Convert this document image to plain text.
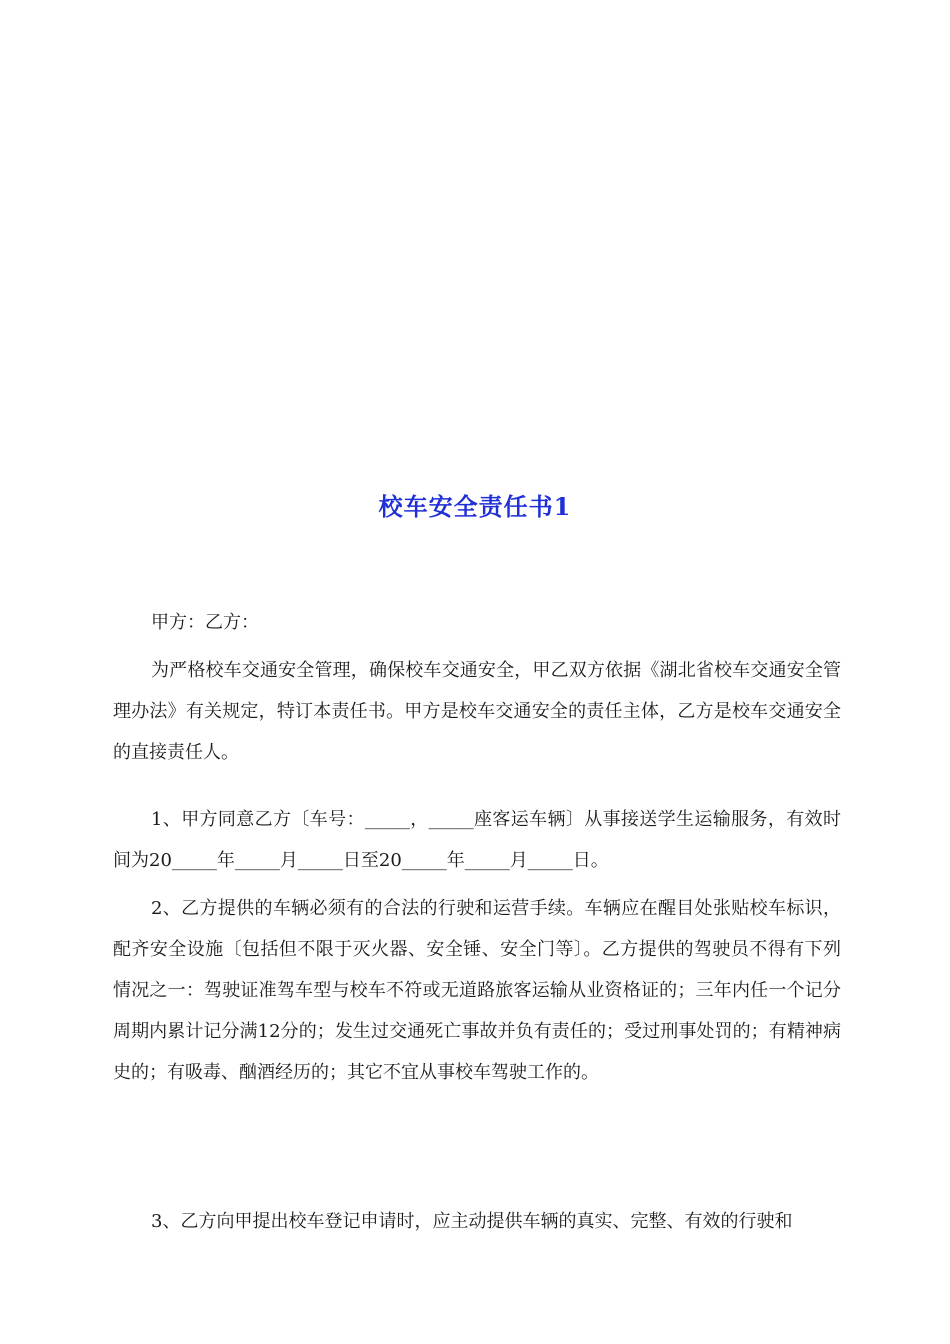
校车安全责任书1

甲方：乙方：

为严格校车交通安全管理，确保校车交通安全，甲乙双方依据《湖北省校车交通安全管理办法》有关规定，特订本责任书。甲方是校车交通安全的责任主体，乙方是校车交通安全的直接责任人。

1、甲方同意乙方〔车号：_____，_____座客运车辆〕从事接送学生运输服务，有效时间为20_____年_____月_____日至20_____年_____月_____日。

2、乙方提供的车辆必须有的合法的行驶和运营手续。车辆应在醒目处张贴校车标识，配齐安全设施〔包括但不限于灭火器、安全锤、安全门等〕。乙方提供的驾驶员不得有下列情况之一：驾驶证准驾车型与校车不符或无道路旅客运输从业资格证的；三年内任一个记分周期内累计记分满12分的；发生过交通死亡事故并负有责任的；受过刑事处罚的；有精神病史的；有吸毒、酗酒经历的；其它不宜从事校车驾驶工作的。

3、乙方向甲提出校车登记申请时，应主动提供车辆的真实、完整、有效的行驶和
